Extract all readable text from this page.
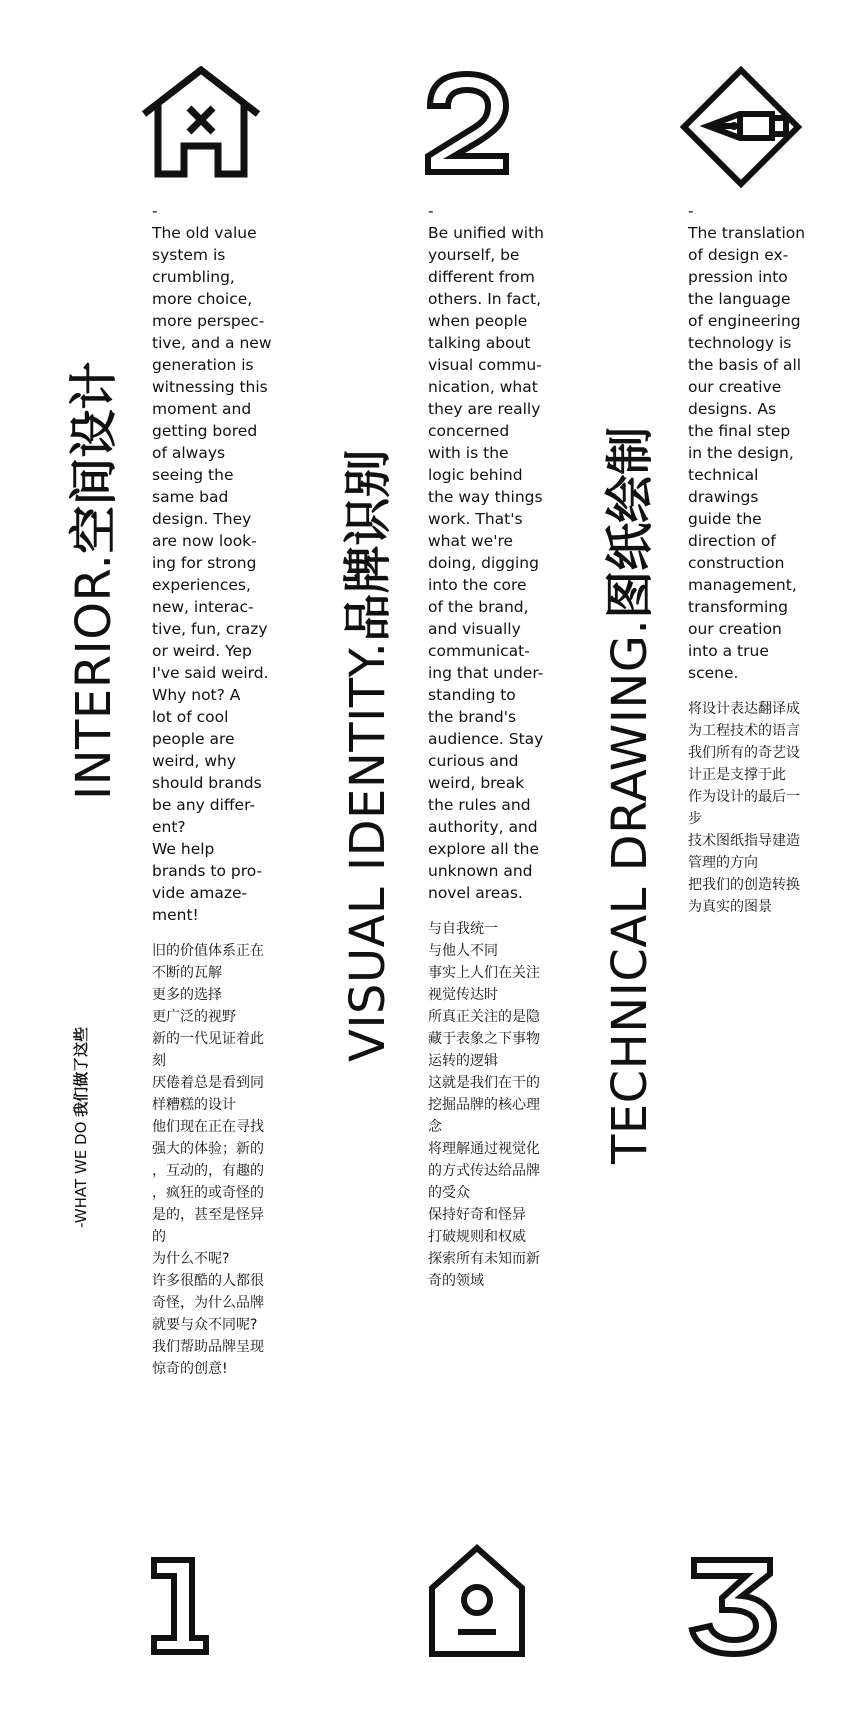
-WHAT WE DO 我们做了这些
INTERIOR.空间设计
VISUAL IDENTITY.品牌识别
TECHNICAL DRAWING.图纸绘制
-

The old value
system is
crumbling,
more choice,
more perspec-
tive, and a new
generation is
witnessing this
moment and
getting bored
of always
seeing the
same bad
design. They
are now look-
ing for strong
experiences,
new, interac-
tive, fun, crazy
or weird. Yep
I've said weird.
Why not? A
lot of cool
people are
weird, why
should brands
be any differ-
ent?
We help
brands to pro-
vide amaze-
ment!

旧的价值体系正在
不断的瓦解
更多的选择
更广泛的视野
新的一代见证着此
刻
厌倦着总是看到同
样糟糕的设计
他们现在正在寻找
强大的体验；新的
，互动的，有趣的
，疯狂的或奇怪的
是的，甚至是怪异
的
为什么不呢?
许多很酷的人都很
奇怪，为什么品牌
就要与众不同呢?
我们帮助品牌呈现
惊奇的创意!

-

Be unified with
yourself, be
different from
others. In fact,
when people
talking about
visual commu-
nication, what
they are really
concerned
with is the
logic behind
the way things
work. That's
what we're
doing, digging
into the core
of the brand,
and visually
communicat-
ing that under-
standing to
the brand's
audience. Stay
curious and
weird, break
the rules and
authority, and
explore all the
unknown and
novel areas.

与自我统一
与他人不同
事实上人们在关注
视觉传达时
所真正关注的是隐
藏于表象之下事物
运转的逻辑
这就是我们在干的
挖掘品牌的核心理
念
将理解通过视觉化
的方式传达给品牌
的受众
保持好奇和怪异
打破规则和权威
探索所有未知而新
奇的领域

-

The translation
of design ex-
pression into
the language
of engineering
technology is
the basis of all
our creative
designs. As
the final step
in the design,
technical
drawings
guide the
direction of
construction
management,
transforming
our creation
into a true
scene.

将设计表达翻译成
为工程技术的语言
我们所有的奇艺设
计正是支撑于此
作为设计的最后一
步
技术图纸指导建造
管理的方向
把我们的创造转换
为真实的图景
